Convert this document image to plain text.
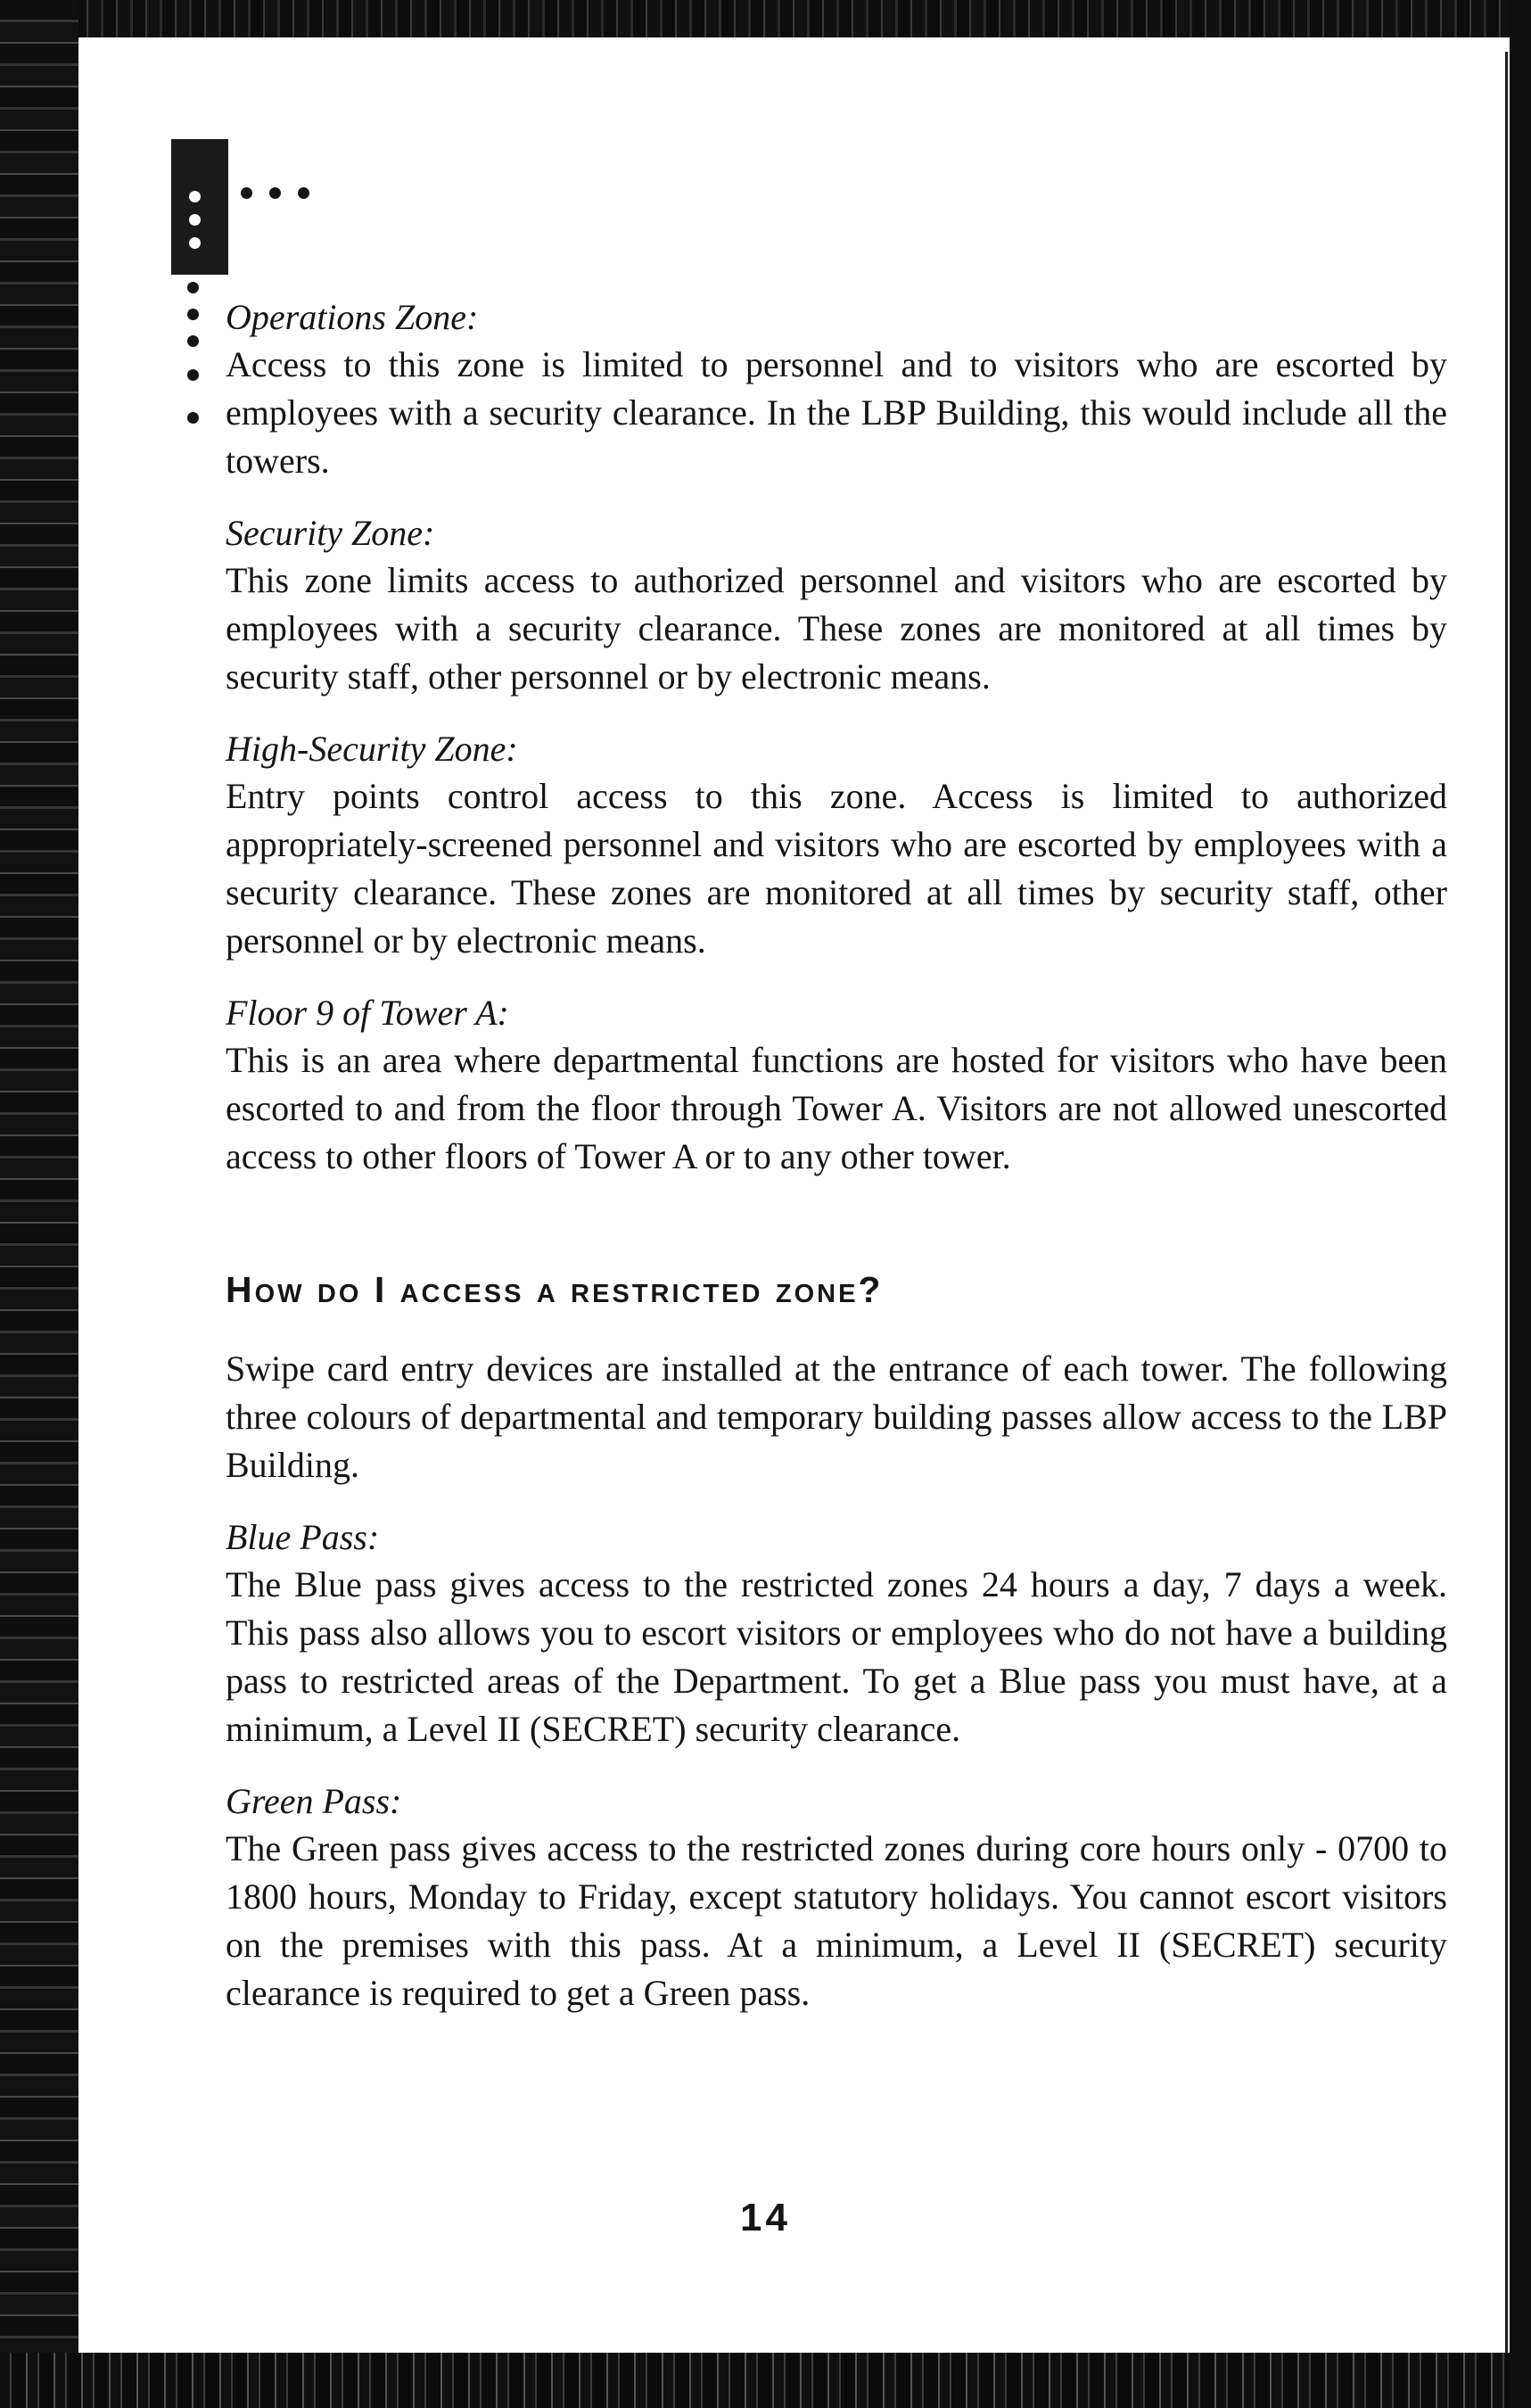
Operations Zone:

Access to this zone is limited to personnel and to visitors who are escorted by employees with a security clearance. In the LBP Building, this would include all the towers.

Security Zone:

This zone limits access to authorized personnel and visitors who are escorted by employees with a security clearance. These zones are monitored at all times by security staff, other personnel or by electronic means.

High-Security Zone:

Entry points control access to this zone. Access is limited to authorized appropriately-screened personnel and visitors who are escorted by employees with a security clearance. These zones are monitored at all times by security staff, other personnel or by electronic means.

Floor 9 of Tower A:

This is an area where departmental functions are hosted for visitors who have been escorted to and from the floor through Tower A. Visitors are not allowed unescorted access to other floors of Tower A or to any other tower.

How do I access a restricted zone?

Swipe card entry devices are installed at the entrance of each tower. The following three colours of departmental and temporary building passes allow access to the LBP Building.

Blue Pass:

The Blue pass gives access to the restricted zones 24 hours a day, 7 days a week. This pass also allows you to escort visitors or employees who do not have a building pass to restricted areas of the Department. To get a Blue pass you must have, at a minimum, a Level II (SECRET) security clearance.

Green Pass:

The Green pass gives access to the restricted zones during core hours only - 0700 to 1800 hours, Monday to Friday, except statutory holidays. You cannot escort visitors on the premises with this pass. At a minimum, a Level II (SECRET) security clearance is required to get a Green pass.

14
